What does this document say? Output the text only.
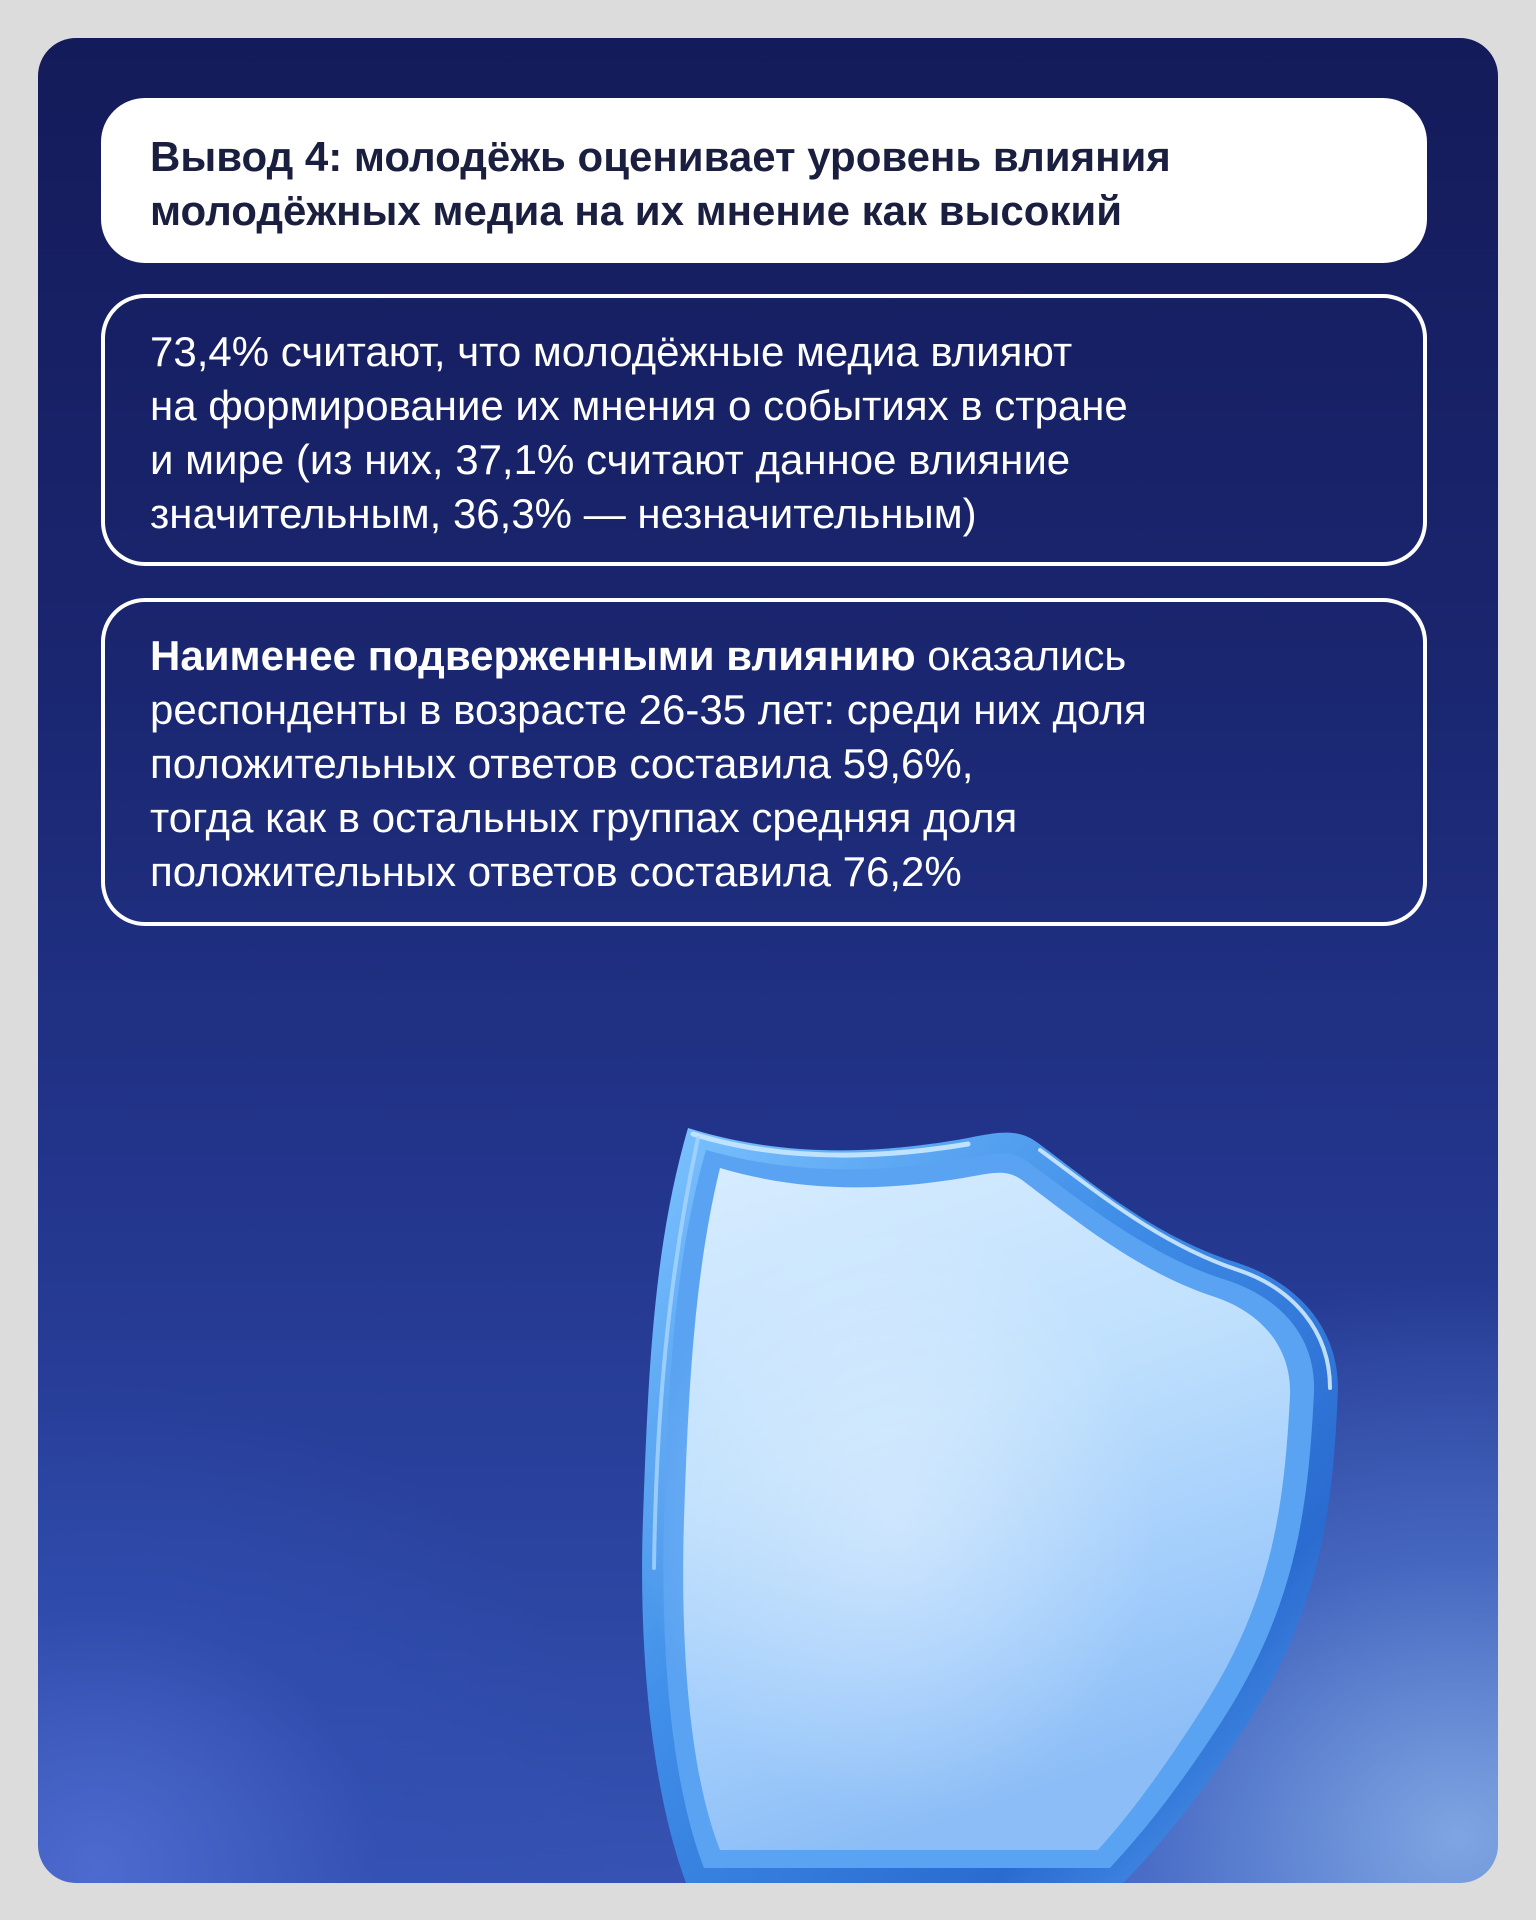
Вывод 4: молодёжь оценивает уровень влияния
молодёжных медиа на их мнение как высокий

73,4% считают, что молодёжные медиа влияют
на формирование их мнения о событиях в стране
и мире (из них, 37,1% считают данное влияние
значительным, 36,3% — незначительным)

Наименее подверженными влиянию оказались
респонденты в возрасте 26-35 лет: среди них доля
положительных ответов составила 59,6%,
тогда как в остальных группах средняя доля
положительных ответов составила 76,2%
